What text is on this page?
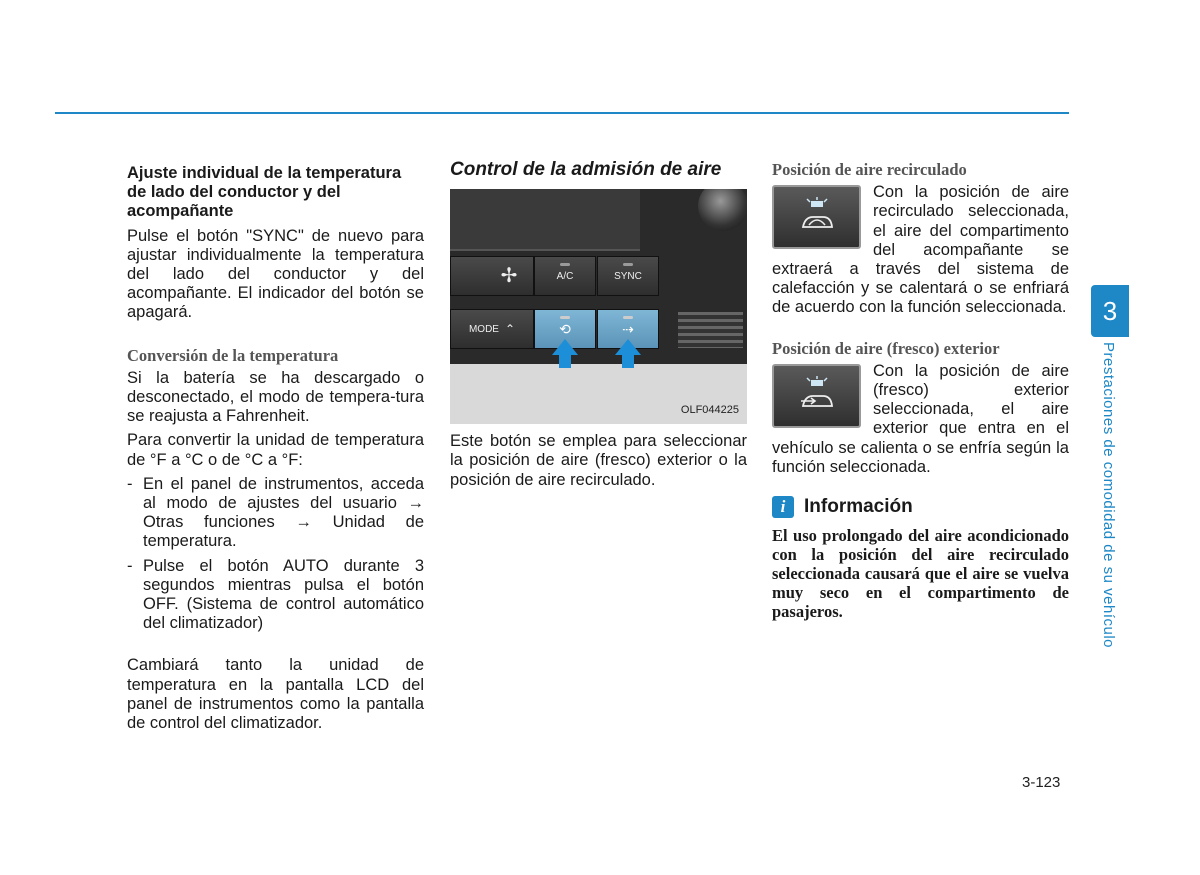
Ajuste individual de la temperatura de lado del conductor y del acompañante

Pulse el botón "SYNC" de nuevo para ajustar individualmente la temperatura del lado del conductor y del acompañante. El indicador del botón se apagará.

Conversión de la temperatura

Si la batería se ha descargado o desconectado, el modo de tempera-tura se reajusta a Fahrenheit.

Para convertir la unidad de temperatura de °F a °C o de °C a °F:

- En el panel de instrumentos, acceda al modo de ajustes del usuario → Otras funciones → Unidad de temperatura.
- Pulse el botón AUTO durante 3 segundos mientras pulsa el botón OFF. (Sistema de control automático del climatizador)

Cambiará tanto la unidad de temperatura en la pantalla LCD del panel de instrumentos como la pantalla de control del climatizador.

Control de la admisión de aire
✢	A/C	SYNC
MODE ⌃	⟲	⇢
OLF044225

Este botón se emplea para seleccionar la posición de aire (fresco) exterior o la posición de aire recirculado.

Posición de aire recirculado

Con la posición de aire recirculado seleccionada, el aire del compartimento del acompañante se extraerá a través del sistema de calefacción y se calentará o se enfriará de acuerdo con la función seleccionada.

Posición de aire (fresco) exterior

Con la posición de aire (fresco) exterior seleccionada, el aire exterior que entra en el vehículo se calienta o se enfría según la función seleccionada.

i Información
El uso prolongado del aire acondicionado con la posición del aire recirculado seleccionada causará que el aire se vuelva muy seco en el compartimento de pasajeros.
3
Prestaciones de comodidad de su vehículo
3-123
